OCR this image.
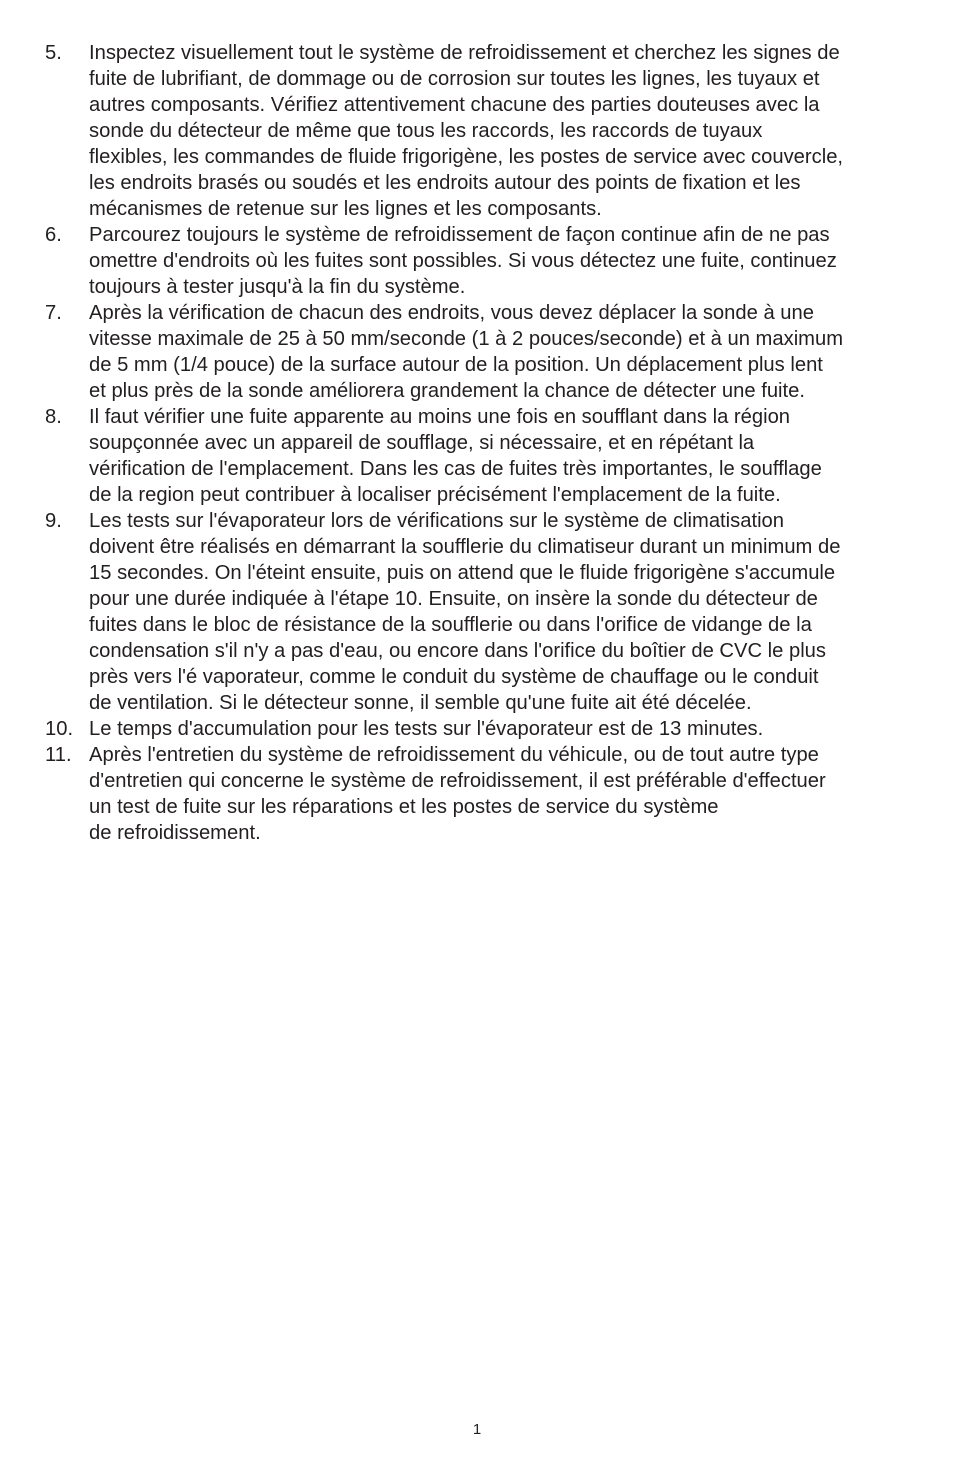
5.	Inspectez visuellement tout le système de refroidissement et cherchez les signes de
fuite de lubrifiant, de dommage ou de corrosion sur toutes les lignes, les tuyaux et
autres composants. Vérifiez attentivement chacune des parties douteuses avec la
sonde du détecteur de même que tous les raccords, les raccords de tuyaux
flexibles, les commandes de fluide frigorigène, les postes de service avec couvercle,
les endroits brasés ou soudés et les endroits autour des points de fixation et les
mécanismes de retenue sur les lignes et les composants.
6.	Parcourez toujours le système de refroidissement de façon continue afin de ne pas
omettre d'endroits où les fuites sont possibles. Si vous détectez une fuite, continuez
toujours à tester jusqu'à la fin du système.
7.	Après la vérification de chacun des endroits, vous devez déplacer la sonde à une
vitesse maximale de 25 à 50 mm/seconde (1 à 2 pouces/seconde) et à un maximum
de 5 mm (1/4 pouce) de la surface autour de la position. Un déplacement plus lent
et plus près de la sonde améliorera grandement la chance de détecter une fuite.
8.	Il faut vérifier une fuite apparente au moins une fois en soufflant dans la région
soupçonnée avec un appareil de soufflage, si nécessaire, et en répétant la
vérification de l'emplacement. Dans les cas de fuites très importantes, le soufflage
de la region peut contribuer à localiser précisément l'emplacement de la fuite.
9.	Les tests sur l'évaporateur lors de vérifications sur le système de climatisation
doivent être réalisés en démarrant la soufflerie du climatiseur durant un minimum de
15 secondes. On l'éteint ensuite, puis on attend que le fluide frigorigène s'accumule
pour une durée indiquée à l'étape 10. Ensuite, on insère la sonde du détecteur de
fuites dans le bloc de résistance de la soufflerie ou dans l'orifice de vidange de la
condensation s'il n'y a pas d'eau, ou encore dans l'orifice du boîtier de CVC le plus
près vers l'é vaporateur, comme le conduit du système de chauffage ou le conduit
de ventilation. Si le détecteur sonne, il semble qu'une fuite ait été décelée.
10. Le temps d'accumulation pour les tests sur l'évaporateur est de 13 minutes.
11. Après l'entretien du système de refroidissement du véhicule, ou de tout autre type
d'entretien qui concerne le système de refroidissement, il est préférable d'effectuer
un test de fuite sur les réparations et les postes de service du système
de refroidissement.
1
